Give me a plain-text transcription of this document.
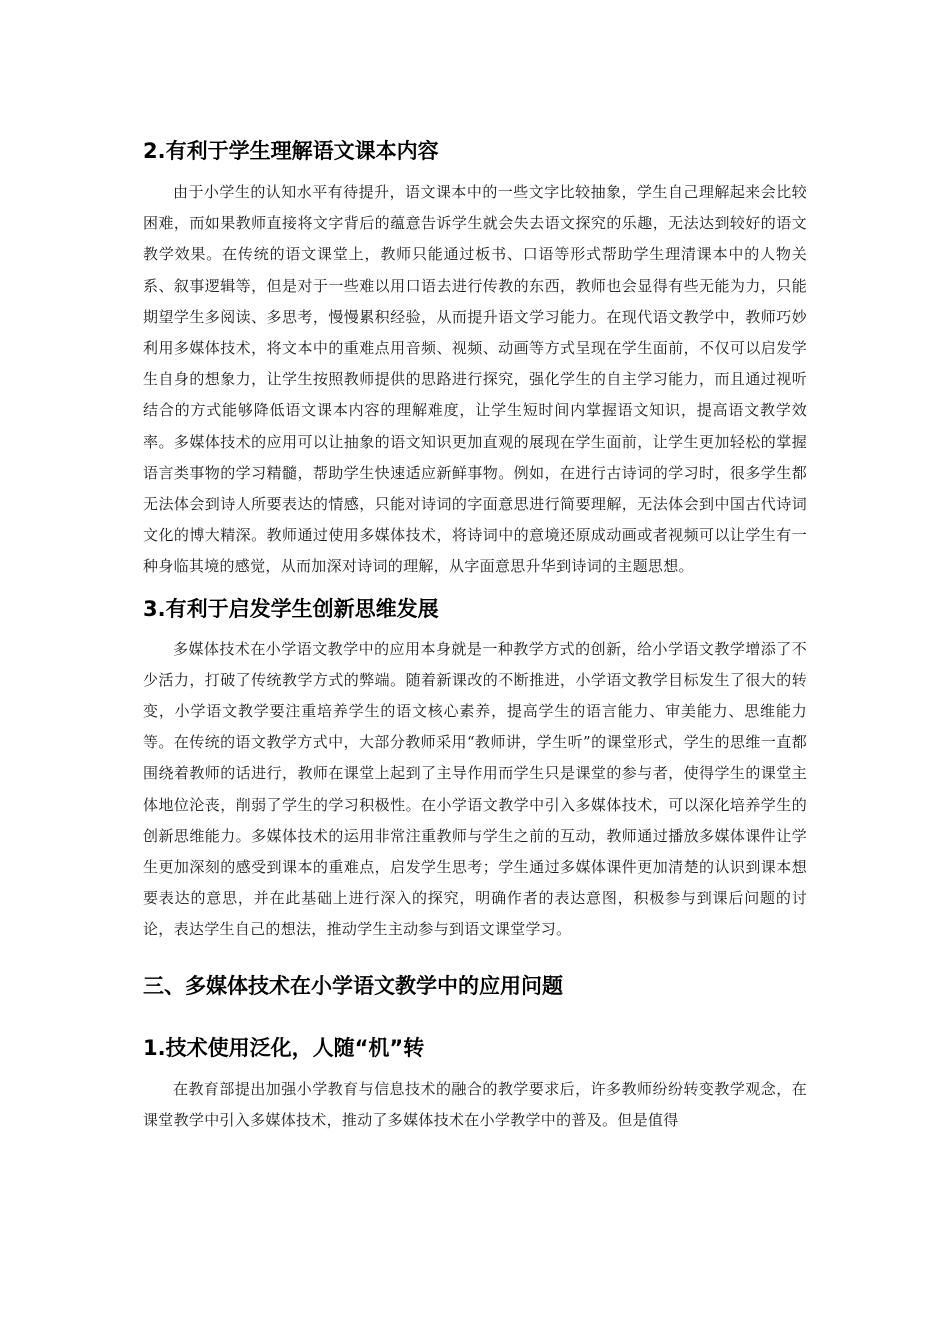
2.有利于学生理解语文课本内容

由于小学生的认知水平有待提升，语文课本中的一些文字比较抽象，学生自己理解起来会比较困难，而如果教师直接将文字背后的蕴意告诉学生就会失去语文探究的乐趣，无法达到较好的语文教学效果。在传统的语文课堂上，教师只能通过板书、口语等形式帮助学生理清课本中的人物关系、叙事逻辑等，但是对于一些难以用口语去进行传教的东西，教师也会显得有些无能为力，只能期望学生多阅读、多思考，慢慢累积经验，从而提升语文学习能力。在现代语文教学中，教师巧妙利用多媒体技术，将文本中的重难点用音频、视频、动画等方式呈现在学生面前，不仅可以启发学生自身的想象力，让学生按照教师提供的思路进行探究，强化学生的自主学习能力，而且通过视听结合的方式能够降低语文课本内容的理解难度，让学生短时间内掌握语文知识，提高语文教学效率。多媒体技术的应用可以让抽象的语文知识更加直观的展现在学生面前，让学生更加轻松的掌握语言类事物的学习精髓，帮助学生快速适应新鲜事物。例如，在进行古诗词的学习时，很多学生都无法体会到诗人所要表达的情感，只能对诗词的字面意思进行简要理解，无法体会到中国古代诗词文化的博大精深。教师通过使用多媒体技术，将诗词中的意境还原成动画或者视频可以让学生有一种身临其境的感觉，从而加深对诗词的理解，从字面意思升华到诗词的主题思想。

3.有利于启发学生创新思维发展

多媒体技术在小学语文教学中的应用本身就是一种教学方式的创新，给小学语文教学增添了不少活力，打破了传统教学方式的弊端。随着新课改的不断推进，小学语文教学目标发生了很大的转变，小学语文教学要注重培养学生的语文核心素养，提高学生的语言能力、审美能力、思维能力等。在传统的语文教学方式中，大部分教师采用“教师讲，学生听”的课堂形式，学生的思维一直都围绕着教师的话进行，教师在课堂上起到了主导作用而学生只是课堂的参与者，使得学生的课堂主体地位沦丧，削弱了学生的学习积极性。在小学语文教学中引入多媒体技术，可以深化培养学生的创新思维能力。多媒体技术的运用非常注重教师与学生之前的互动，教师通过播放多媒体课件让学生更加深刻的感受到课本的重难点，启发学生思考；学生通过多媒体课件更加清楚的认识到课本想要表达的意思，并在此基础上进行深入的探究，明确作者的表达意图，积极参与到课后问题的讨论，表达学生自己的想法，推动学生主动参与到语文课堂学习。

三、多媒体技术在小学语文教学中的应用问题
1.技术使用泛化，人随“机”转

在教育部提出加强小学教育与信息技术的融合的教学要求后，许多教师纷纷转变教学观念，在课堂教学中引入多媒体技术，推动了多媒体技术在小学教学中的普及。但是值得
